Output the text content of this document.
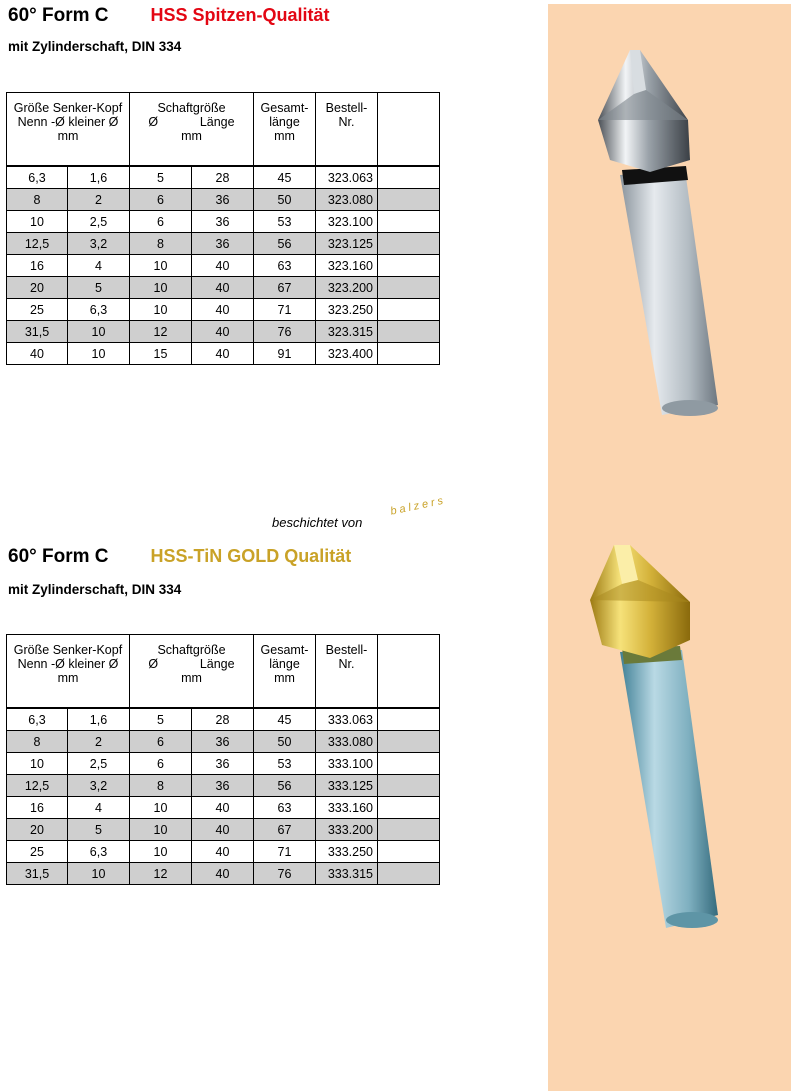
60° Form C HSS Spitzen-Qualität
mit Zylinderschaft, DIN 334
Größe Senker-Kopf
Nenn -Ø kleiner Ø
mm		Schaftgröße
Ø Länge
mm		Gesamt-
länge
mm	Bestell-
Nr.	

6,3	1,6	5	28	45	323.063	
8	2	6	36	50	323.080	
10	2,5	6	36	53	323.100	
12,5	3,2	8	36	56	323.125	
16	4	10	40	63	323.160	
20	5	10	40	67	323.200	
25	6,3	10	40	71	323.250	
31,5	10	12	40	76	323.315	
40	10	15	40	91	323.400	
beschichtet von
balzers
60° Form C HSS-TiN GOLD Qualität
mit Zylinderschaft, DIN 334
Größe Senker-Kopf
Nenn -Ø kleiner Ø
mm		Schaftgröße
Ø Länge
mm		Gesamt-
länge
mm	Bestell-
Nr.	

6,3	1,6	5	28	45	333.063	
8	2	6	36	50	333.080	
10	2,5	6	36	53	333.100	
12,5	3,2	8	36	56	333.125	
16	4	10	40	63	333.160	
20	5	10	40	67	333.200	
25	6,3	10	40	71	333.250	
31,5	10	12	40	76	333.315	
